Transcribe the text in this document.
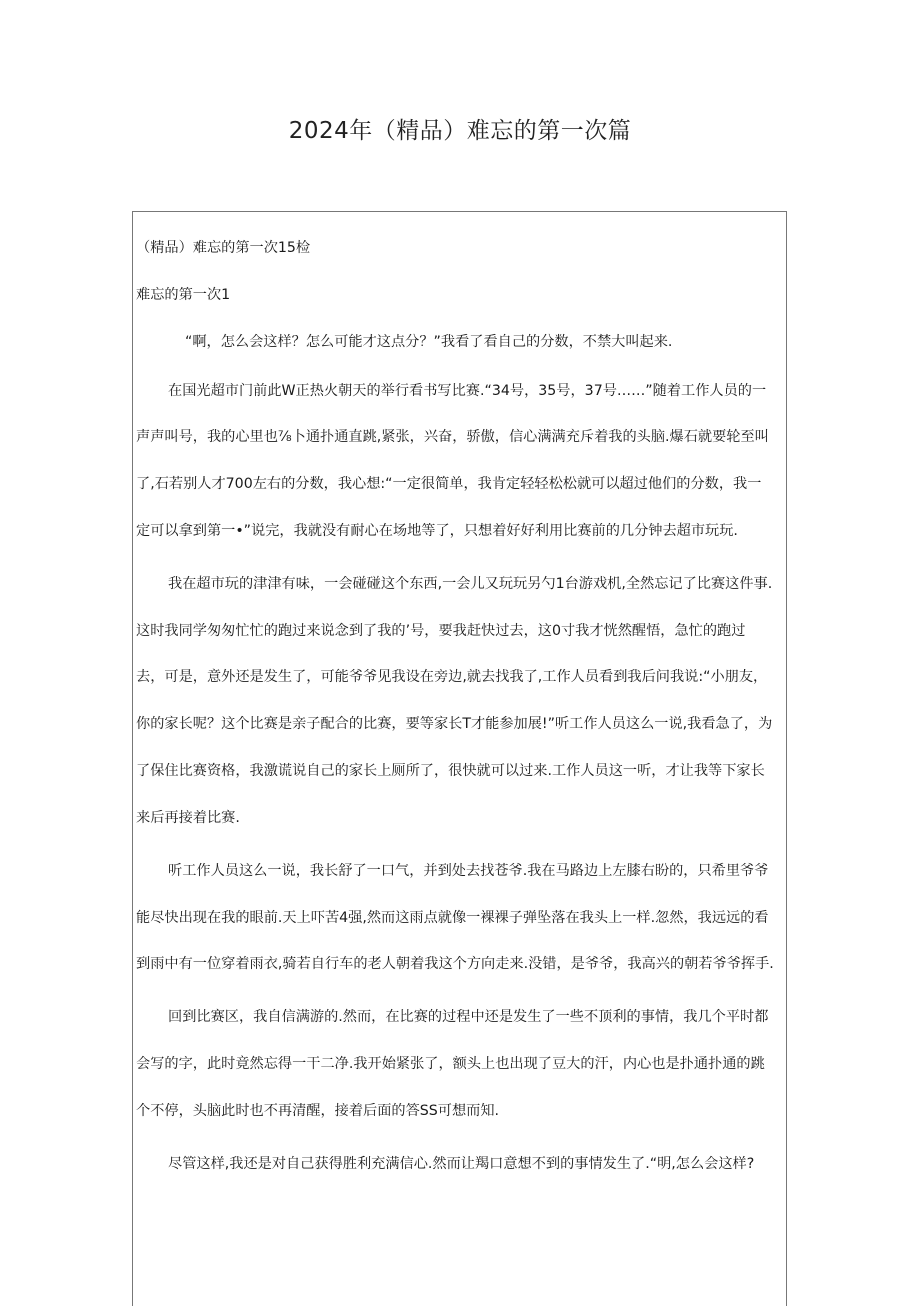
2024年（精品）难忘的第一次篇
（精品）难忘的第一次15检
难忘的第一次1
“啊，怎么会这样？怎么可能才这点分？”我看了看自己的分数，不禁大叫起来.
在国光超市门前此W正热火朝天的举行看书写比赛.“34号，35号，37号……”随着工作人员的一
声声叫号，我的心里也⅞卜通扑通直跳,紧张，兴奋，骄傲，信心满满充斥着我的头脑.爆石就要轮至叫
了,石若别人才700左右的分数，我心想:“一定很简单，我肯定轻轻松松就可以超过他们的分数，我一
定可以拿到第一•”说完，我就没有耐心在场地等了，只想着好好利用比赛前的几分钟去超市玩玩.
我在超市玩的津津有味，一会碰碰这个东西,一会儿又玩玩另勺1台游戏机,全然忘记了比赛这件事.
这时我同学匆匆忙忙的跑过来说念到了我的’号，要我赶快过去，这0寸我才恍然醒悟，急忙的跑过
去，可是，意外还是发生了，可能爷爷见我设在旁边,就去找我了,工作人员看到我后问我说:“小朋友，
你的家长呢？这个比赛是亲子配合的比赛，要等家长T才能参加展!”听工作人员这么一说,我看急了，为
了保住比赛资格，我激谎说自己的家长上厕所了，很快就可以过来.工作人员这一听，才让我等下家长
来后再接着比赛.
听工作人员这么一说，我长舒了一口气，并到处去找苍爷.我在马路边上左膝右盼的，只希里爷爷
能尽快出现在我的眼前.天上吓苦4强,然而这雨点就像一裸裸子弹坠落在我头上一样.忽然，我远远的看
到雨中有一位穿着雨衣,骑若自行车的老人朝着我这个方向走来.没错，是爷爷，我高兴的朝若爷爷挥手.
回到比赛区，我自信满游的.然而，在比赛的过程中还是发生了一些不顶利的事情，我几个平时都
会写的字，此时竟然忘得一干二净.我开始紧张了，额头上也出现了豆大的汗，内心也是扑通扑通的跳
个不停，头脑此时也不再清醒，接着后面的答SS可想而知.
尽管这样,我还是对自己获得胜利充满信心.然而让羯口意想不到的事情发生了.“明,怎么会这样?
